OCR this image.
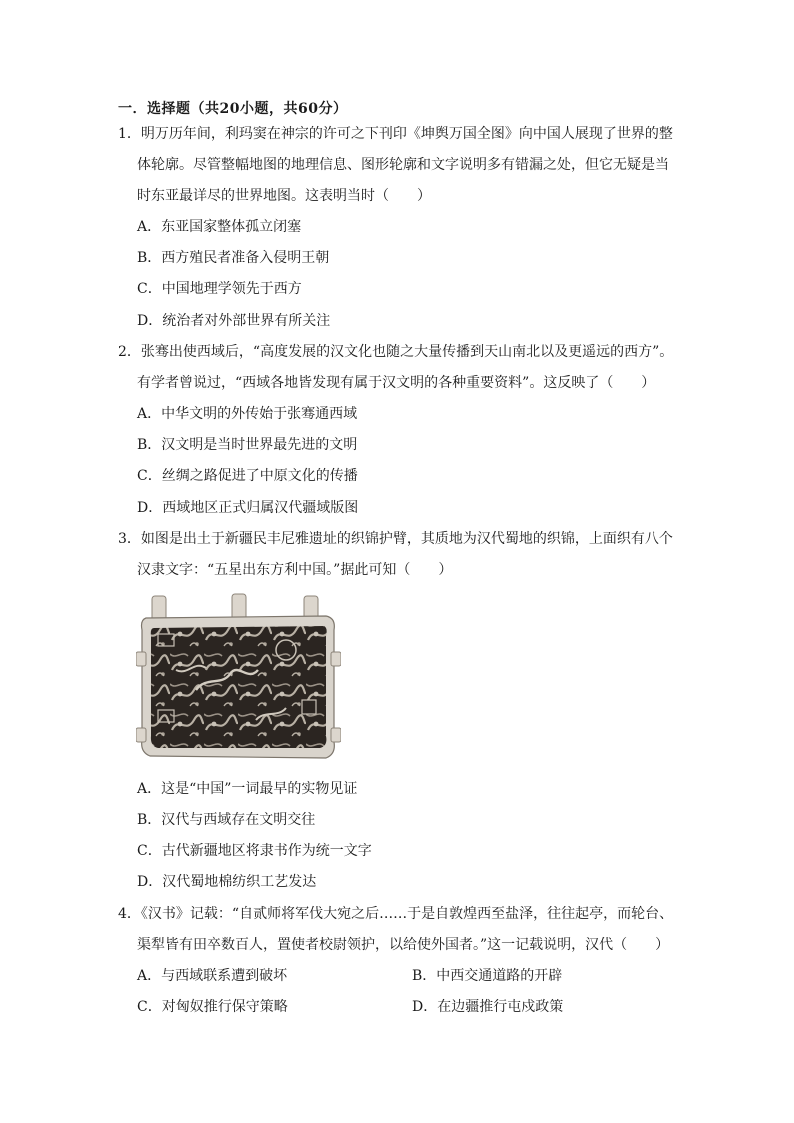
一．选择题（共20小题，共60分）
1．明万历年间，利玛窦在神宗的许可之下刊印《坤舆万国全图》向中国人展现了世界的整
体轮廓。尽管整幅地图的地理信息、图形轮廓和文字说明多有错漏之处，但它无疑是当
时东亚最详尽的世界地图。这表明当时（　　）
A．东亚国家整体孤立闭塞
B．西方殖民者准备入侵明王朝
C．中国地理学领先于西方
D．统治者对外部世界有所关注
2．张骞出使西域后，“高度发展的汉文化也随之大量传播到天山南北以及更遥远的西方”。
有学者曾说过，“西域各地皆发现有属于汉文明的各种重要资料”。这反映了（　　）
A．中华文明的外传始于张骞通西域
B．汉文明是当时世界最先进的文明
C．丝绸之路促进了中原文化的传播
D．西域地区正式归属汉代疆域版图
3．如图是出土于新疆民丰尼雅遗址的织锦护臂，其质地为汉代蜀地的织锦，上面织有八个
汉隶文字：“五星出东方利中国。”据此可知（　　）
A．这是“中国”一词最早的实物见证
B．汉代与西域存在文明交往
C．古代新疆地区将隶书作为统一文字
D．汉代蜀地棉纺织工艺发达
4．《汉书》记载：“自贰师将军伐大宛之后……于是自敦煌西至盐泽，往往起亭，而轮台、
渠犁皆有田卒数百人，置使者校尉领护，以给使外国者。”这一记载说明，汉代（　　）
A．与西域联系遭到破坏	B．中西交通道路的开辟
C．对匈奴推行保守策略	D．在边疆推行屯戍政策
